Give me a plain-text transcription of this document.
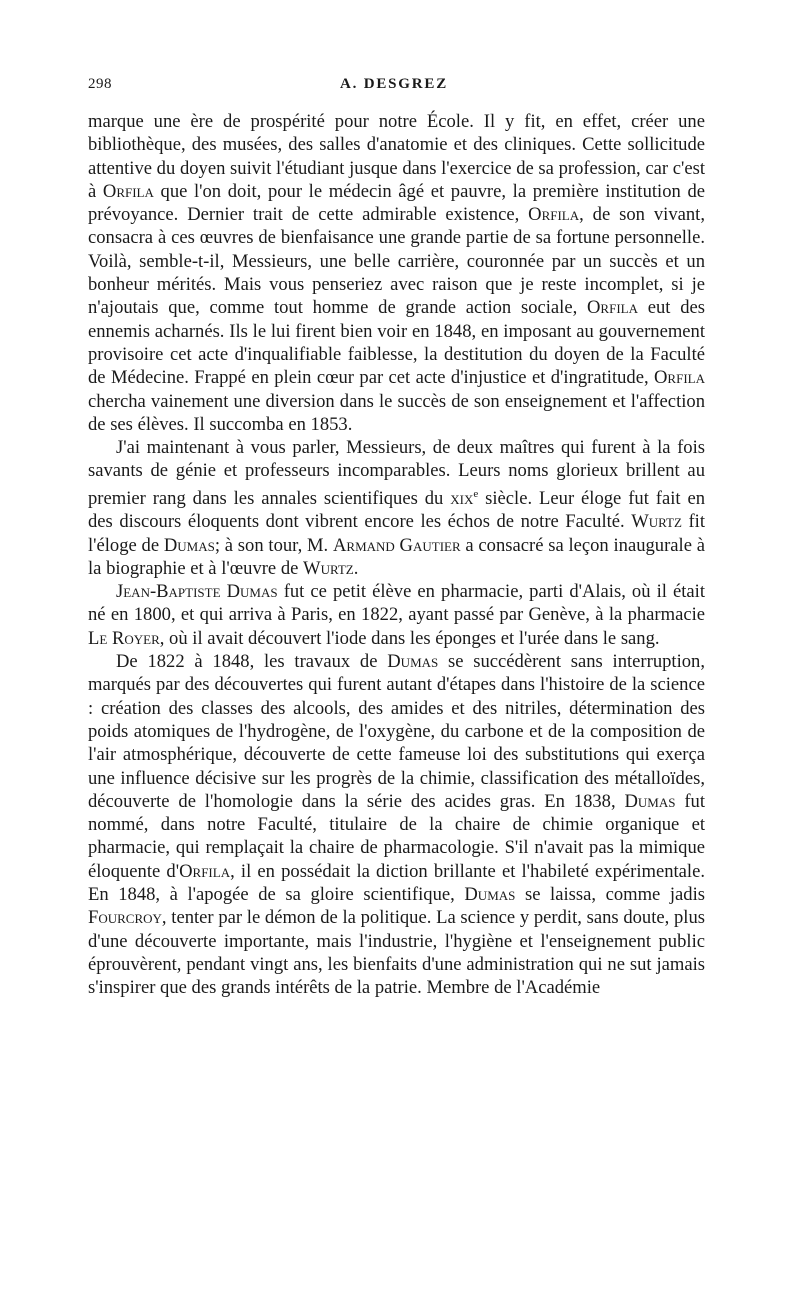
298	A. DESGREZ

marque une ère de prospérité pour notre École. Il y fit, en effet, créer une bibliothèque, des musées, des salles d'anatomie et des cliniques. Cette sollicitude attentive du doyen suivit l'étudiant jusque dans l'exercice de sa profession, car c'est à Orfila que l'on doit, pour le médecin âgé et pauvre, la première institution de prévoyance. Dernier trait de cette admirable existence, Orfila, de son vivant, consacra à ces œuvres de bienfaisance une grande partie de sa fortune personnelle. Voilà, semble-t-il, Messieurs, une belle carrière, couronnée par un succès et un bonheur mérités. Mais vous penseriez avec raison que je reste incomplet, si je n'ajoutais que, comme tout homme de grande action sociale, Orfila eut des ennemis acharnés. Ils le lui firent bien voir en 1848, en imposant au gouvernement provisoire cet acte d'inqualifiable faiblesse, la destitution du doyen de la Faculté de Médecine. Frappé en plein cœur par cet acte d'injustice et d'ingratitude, Orfila chercha vainement une diversion dans le succès de son enseignement et l'affection de ses élèves. Il succomba en 1853.

J'ai maintenant à vous parler, Messieurs, de deux maîtres qui furent à la fois savants de génie et professeurs incomparables. Leurs noms glorieux brillent au premier rang dans les annales scientifiques du xix$^e$ siècle. Leur éloge fut fait en des discours éloquents dont vibrent encore les échos de notre Faculté. Wurtz fit l'éloge de Dumas; à son tour, M. Armand Gautier a consacré sa leçon inaugurale à la biographie et à l'œuvre de Wurtz.

Jean-Baptiste Dumas fut ce petit élève en pharmacie, parti d'Alais, où il était né en 1800, et qui arriva à Paris, en 1822, ayant passé par Genève, à la pharmacie Le Royer, où il avait découvert l'iode dans les éponges et l'urée dans le sang.

De 1822 à 1848, les travaux de Dumas se succédèrent sans interruption, marqués par des découvertes qui furent autant d'étapes dans l'histoire de la science : création des classes des alcools, des amides et des nitriles, détermination des poids atomiques de l'hydrogène, de l'oxygène, du carbone et de la composition de l'air atmosphérique, découverte de cette fameuse loi des substitutions qui exerça une influence décisive sur les progrès de la chimie, classification des métalloïdes, découverte de l'homologie dans la série des acides gras. En 1838, Dumas fut nommé, dans notre Faculté, titulaire de la chaire de chimie organique et pharmacie, qui remplaçait la chaire de pharmacologie. S'il n'avait pas la mimique éloquente d'Orfila, il en possédait la diction brillante et l'habileté expérimentale. En 1848, à l'apogée de sa gloire scientifique, Dumas se laissa, comme jadis Fourcroy, tenter par le démon de la politique. La science y perdit, sans doute, plus d'une découverte importante, mais l'industrie, l'hygiène et l'enseignement public éprouvèrent, pendant vingt ans, les bienfaits d'une administration qui ne sut jamais s'inspirer que des grands intérêts de la patrie. Membre de l'Académie
